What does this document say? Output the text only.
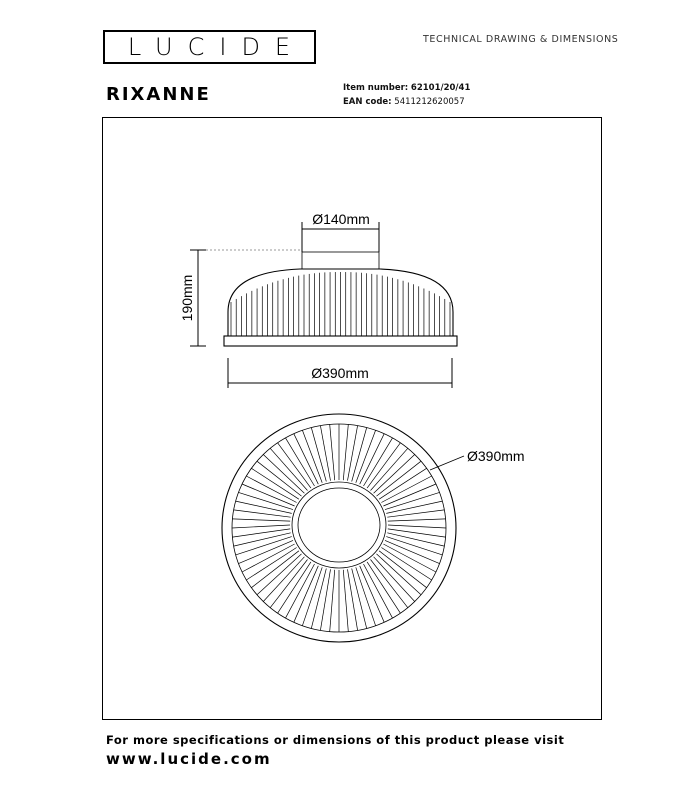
LUCIDE	TECHNICAL DRAWING & DIMENSIONS
RIXANNE	Item number: 62101/20/41
EAN code: 5411212620057
Ø140mm
190mm
Ø390mm
Ø390mm
For more specifications or dimensions of this product please visit
www.lucide.com
